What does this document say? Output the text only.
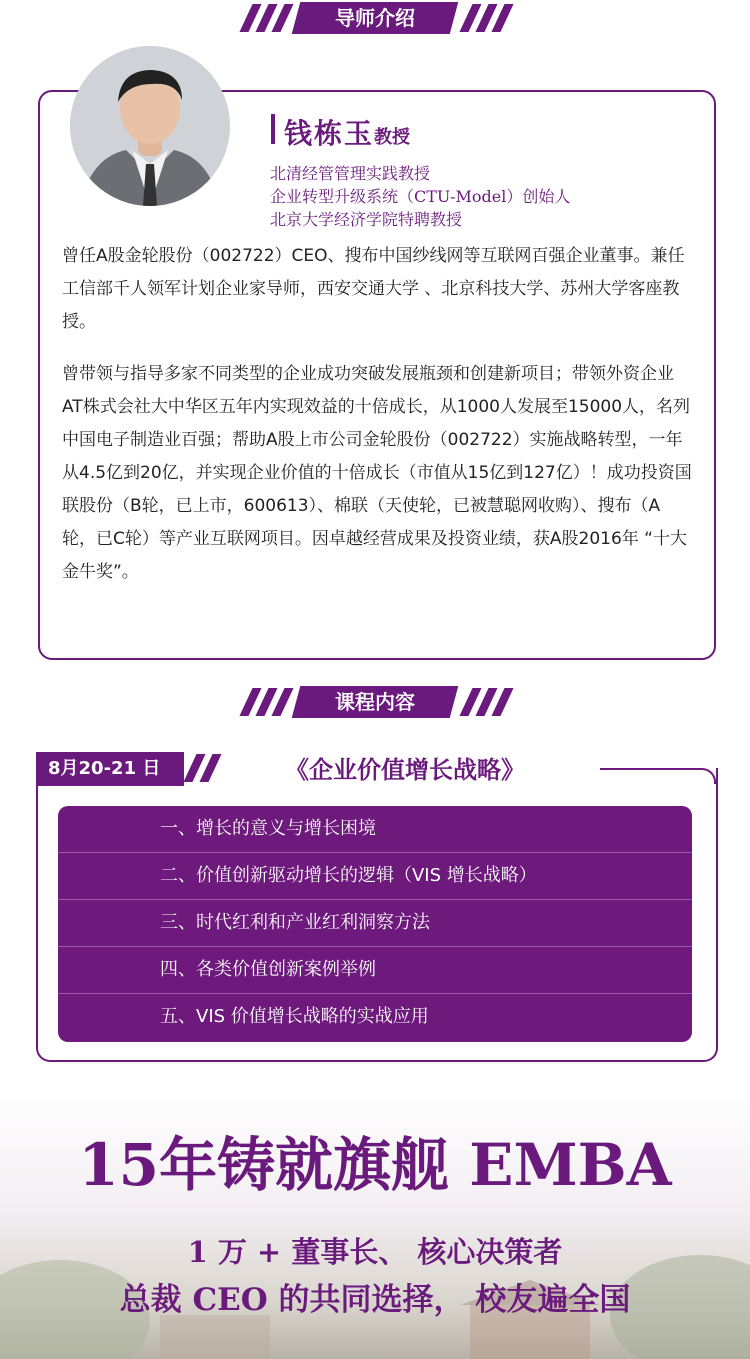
导师介绍
钱栋玉教授
北清经管管理实践教授
企业转型升级系统（CTU-Model）创始人
北京大学经济学院特聘教授
曾任A股金轮股份（002722）CEO、搜布中国纱线网等互联网百强企业董事。兼任工信部千人领军计划企业家导师，西安交通大学 、北京科技大学、苏州大学客座教授。
曾带领与指导多家不同类型的企业成功突破发展瓶颈和创建新项目；带领外资企业AT株式会社大中华区五年内实现效益的十倍成长，从1000人发展至15000人，名列中国电子制造业百强；帮助A股上市公司金轮股份（002722）实施战略转型，一年从4.5亿到20亿，并实现企业价值的十倍成长（市值从15亿到127亿）！成功投资国联股份（B轮，已上市，600613）、棉联（天使轮，已被慧聪网收购）、搜布（A轮，已C轮）等产业互联网项目。因卓越经营成果及投资业绩，获A股2016年 “十大金牛奖”。
课程内容
8月20-21 日	《企业价值增长战略》
一、增长的意义与增长困境
二、价值创新驱动增长的逻辑（VIS 增长战略）
三、时代红利和产业红利洞察方法
四、各类价值创新案例举例
五、VIS 价值增长战略的实战应用
15年铸就旗舰 EMBA
1 万 + 董事长、 核心决策者
总裁 CEO 的共同选择， 校友遍全国
